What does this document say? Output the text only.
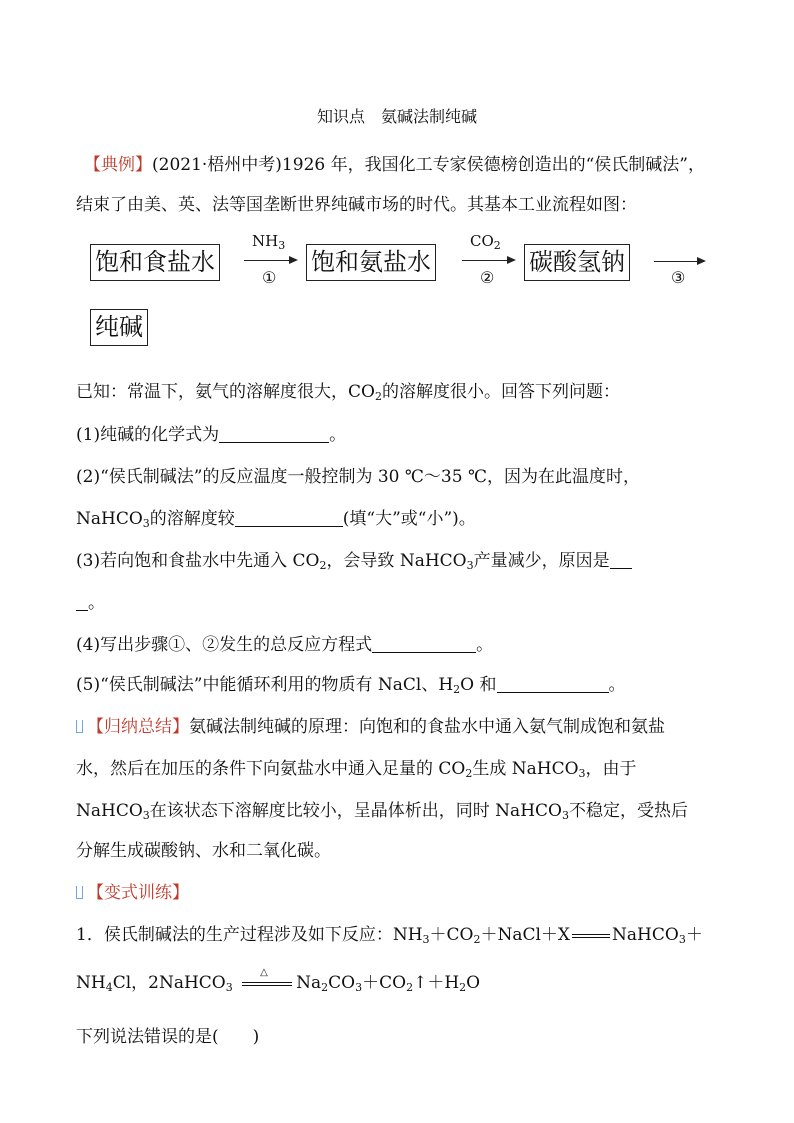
知识点　氨碱法制纯碱
【典例】(2021·梧州中考)1926 年，我国化工专家侯德榜创造出的“侯氏制碱法”，
结束了由美、英、法等国垄断世界纯碱市场的时代。其基本工业流程如图：
饱和食盐水
$NH_3$
①
饱和氨盐水
$CO_2$
②
碳酸氢钠
③
纯碱
已知：常温下，氨气的溶解度很大，$CO_2$的溶解度很小。回答下列问题：
(1)纯碱的化学式为	。
(2)“侯氏制碱法”的反应温度一般控制为 30 ℃～35 ℃，因为在此温度时，
NaHCO$_3$的溶解度较	(填“大”或“小”)。
(3)若向饱和食盐水中先通入 $CO_2$，会导致 NaHCO$_3$产量减少，原因是
。
(4)写出步骤①、②发生的总反应方程式	。
(5)“侯氏制碱法”中能循环利用的物质有 NaCl、$H_2O$ 和	。
【归纳总结】氨碱法制纯碱的原理：向饱和的食盐水中通入氨气制成饱和氨盐
水，然后在加压的条件下向氨盐水中通入足量的 $CO_2$生成 NaHCO$_3$，由于
NaHCO$_3$在该状态下溶解度比较小，呈晶体析出，同时 NaHCO$_3$不稳定，受热后
分解生成碳酸钠、水和二氧化碳。
【变式训练】
1．侯氏制碱法的生产过程涉及如下反应：$NH_3+CO_2+NaCl+X$ NaHCO$_3$＋
$NH_4Cl$，2NaHCO$_3$
△
$Na_2CO_3+CO_2↑+H_2O$
下列说法错误的是(　　)
